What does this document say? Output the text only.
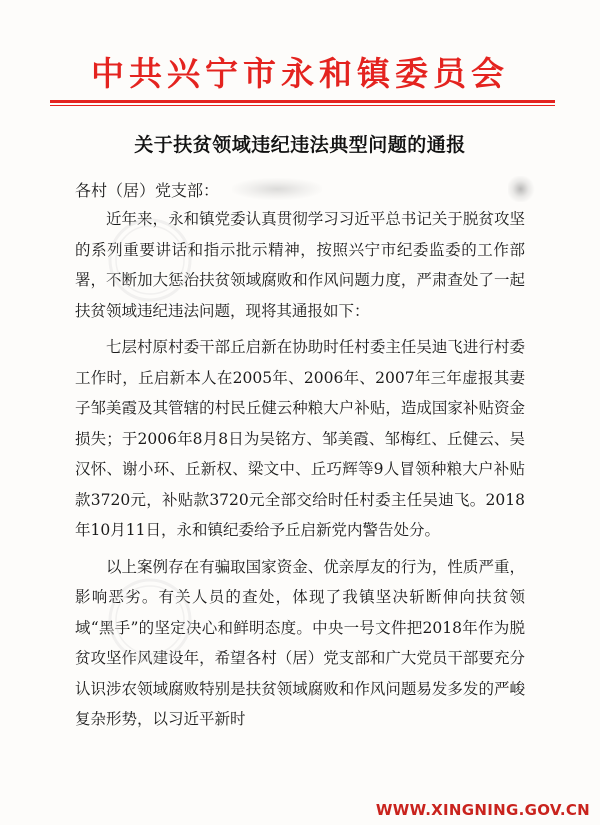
中共兴宁市永和镇委员会
关于扶贫领域违纪违法典型问题的通报
各村（居）党支部：

近年来，永和镇党委认真贯彻学习习近平总书记关于脱贫攻坚的系列重要讲话和指示批示精神，按照兴宁市纪委监委的工作部署，不断加大惩治扶贫领域腐败和作风问题力度，严肃查处了一起扶贫领域违纪违法问题，现将其通报如下：

七层村原村委干部丘启新在协助时任村委主任吴迪飞进行村委工作时，丘启新本人在2005年、2006年、2007年三年虚报其妻子邹美霞及其管辖的村民丘健云种粮大户补贴，造成国家补贴资金损失；于2006年8月8日为吴铭方、邹美霞、邹梅红、丘健云、吴汉怀、谢小环、丘新权、梁文中、丘巧辉等9人冒领种粮大户补贴款3720元，补贴款3720元全部交给时任村委主任吴迪飞。2018年10月11日，永和镇纪委给予丘启新党内警告处分。

以上案例存在有骗取国家资金、优亲厚友的行为，性质严重，影响恶劣。有关人员的查处，体现了我镇坚决斩断伸向扶贫领域“黑手”的坚定决心和鲜明态度。中央一号文件把2018年作为脱贫攻坚作风建设年，希望各村（居）党支部和广大党员干部要充分认识涉农领域腐败特别是扶贫领域腐败和作风问题易发多发的严峻复杂形势，以习近平新时

WWW.XINGNING.GOV.CN
